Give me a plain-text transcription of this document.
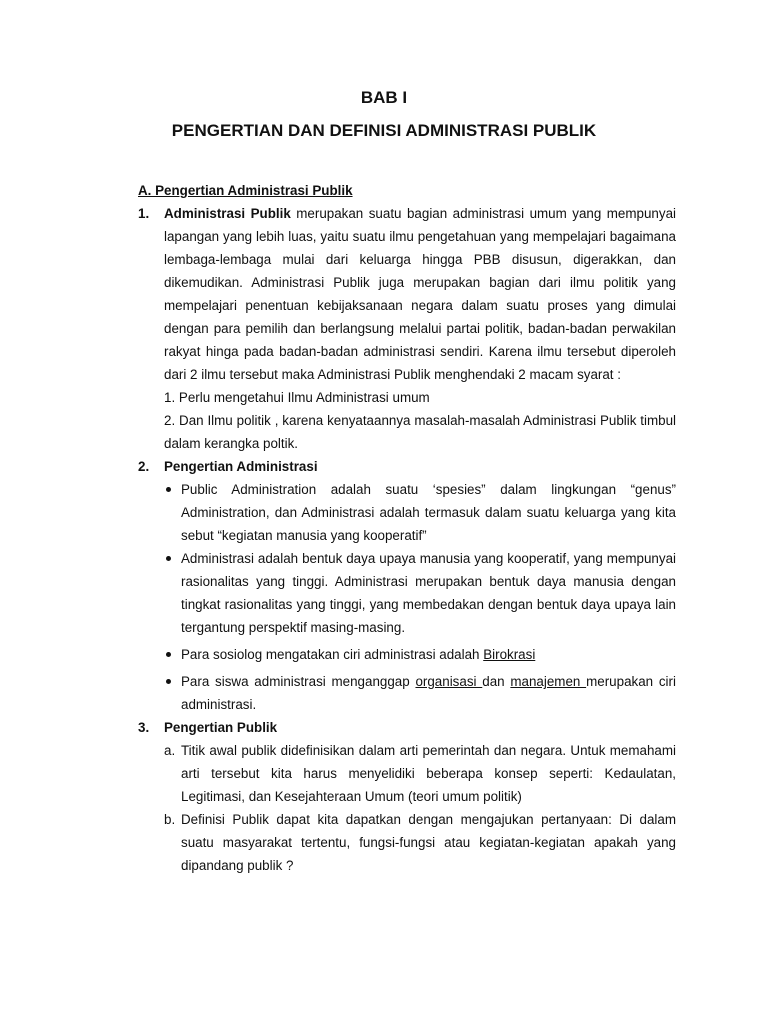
BAB I
PENGERTIAN DAN DEFINISI ADMINISTRASI PUBLIK

A. Pengertian Administrasi Publik

1. Administrasi Publik merupakan suatu bagian administrasi umum yang mempunyai lapangan yang lebih luas, yaitu suatu ilmu pengetahuan yang mempelajari bagaimana lembaga-lembaga mulai dari keluarga hingga PBB disusun, digerakkan, dan dikemudikan. Administrasi Publik juga merupakan bagian dari ilmu politik yang mempelajari penentuan kebijaksanaan negara dalam suatu proses yang dimulai dengan para pemilih dan berlangsung melalui partai politik, badan-badan perwakilan rakyat hinga pada badan-badan administrasi sendiri. Karena ilmu tersebut diperoleh dari 2 ilmu tersebut maka Administrasi Publik menghendaki 2 macam syarat :

1. Perlu mengetahui Ilmu Administrasi umum

2. Dan Ilmu politik , karena kenyataannya masalah-masalah Administrasi Publik timbul dalam kerangka poltik.

2. Pengertian Administrasi

Public Administration adalah suatu ‘spesies” dalam lingkungan “genus” Administration, dan Administrasi adalah termasuk dalam suatu keluarga yang kita sebut “kegiatan manusia yang kooperatif”
Administrasi adalah bentuk daya upaya manusia yang kooperatif, yang mempunyai rasionalitas yang tinggi. Administrasi merupakan bentuk daya manusia dengan tingkat rasionalitas yang tinggi, yang membedakan dengan bentuk daya upaya lain tergantung perspektif masing-masing.
Para sosiolog mengatakan ciri administrasi adalah Birokrasi
Para siswa administrasi menganggap organisasi dan manajemen merupakan ciri administrasi.
3. Pengertian Publik

a. Titik awal publik didefinisikan dalam arti pemerintah dan negara. Untuk memahami arti tersebut kita harus menyelidiki beberapa konsep seperti: Kedaulatan, Legitimasi, dan Kesejahteraan Umum (teori umum politik)
b. Definisi Publik dapat kita dapatkan dengan mengajukan pertanyaan: Di dalam suatu masyarakat tertentu, fungsi-fungsi atau kegiatan-kegiatan apakah yang dipandang publik ?
